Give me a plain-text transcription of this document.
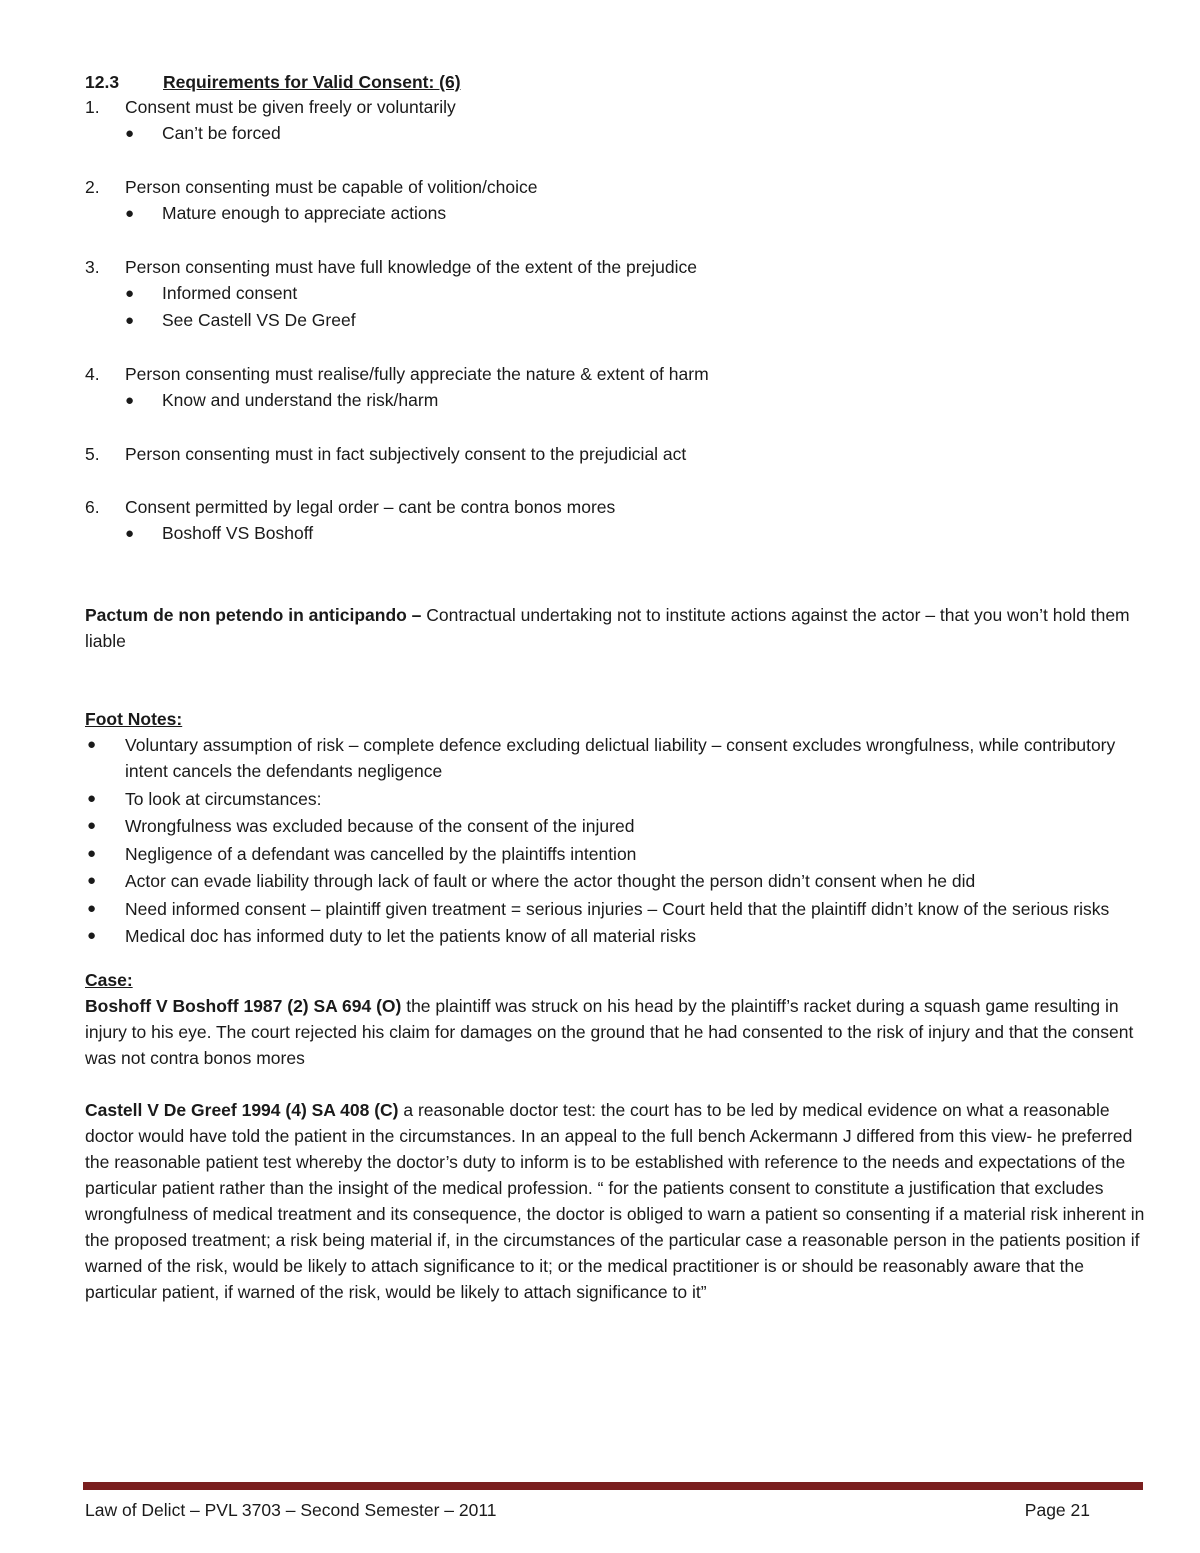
12.3	Requirements for Valid Consent: (6)
1. Consent must be given freely or voluntarily
● Can’t be forced
2. Person consenting must be capable of volition/choice
● Mature enough to appreciate actions
3. Person consenting must have full knowledge of the extent of the prejudice
● Informed consent
● See Castell VS De Greef
4. Person consenting must realise/fully appreciate the nature & extent of harm
● Know and understand the risk/harm
5. Person consenting must in fact subjectively consent to the prejudicial act
6. Consent permitted by legal order – cant be contra bonos mores
● Boshoff VS Boshoff
Pactum de non petendo in anticipando – Contractual undertaking not to institute actions against the actor – that you won’t hold them liable
Foot Notes:
● Voluntary assumption of risk – complete defence excluding delictual liability – consent excludes wrongfulness, while contributory intent cancels the defendants negligence
● To look at circumstances:
● Wrongfulness was excluded because of the consent of the injured
● Negligence of a defendant was cancelled by the plaintiffs intention
● Actor can evade liability through lack of fault or where the actor thought the person didn’t consent when he did
● Need informed consent – plaintiff given treatment = serious injuries – Court held that the plaintiff didn’t know of the serious risks
● Medical doc has informed duty to let the patients know of all material risks
Case:
Boshoff V Boshoff 1987 (2) SA 694 (O) the plaintiff was struck on his head by the plaintiff’s racket during a squash game resulting in injury to his eye. The court rejected his claim for damages on the ground that he had consented to the risk of injury and that the consent was not contra bonos mores
Castell V De Greef 1994 (4) SA 408 (C) a reasonable doctor test: the court has to be led by medical evidence on what a reasonable doctor would have told the patient in the circumstances. In an appeal to the full bench Ackermann J differed from this view- he preferred the reasonable patient test whereby the doctor’s duty to inform is to be established with reference to the needs and expectations of the particular patient rather than the insight of the medical profession. “ for the patients consent to constitute a justification that excludes wrongfulness of medical treatment and its consequence, the doctor is obliged to warn a patient so consenting if a material risk inherent in the proposed treatment; a risk being material if, in the circumstances of the particular case a reasonable person in the patients position if warned of the risk, would be likely to attach significance to it; or the medical practitioner is or should be reasonably aware that the particular patient, if warned of the risk, would be likely to attach significance to it”
Law of Delict – PVL 3703 – Second Semester – 2011	Page 21
